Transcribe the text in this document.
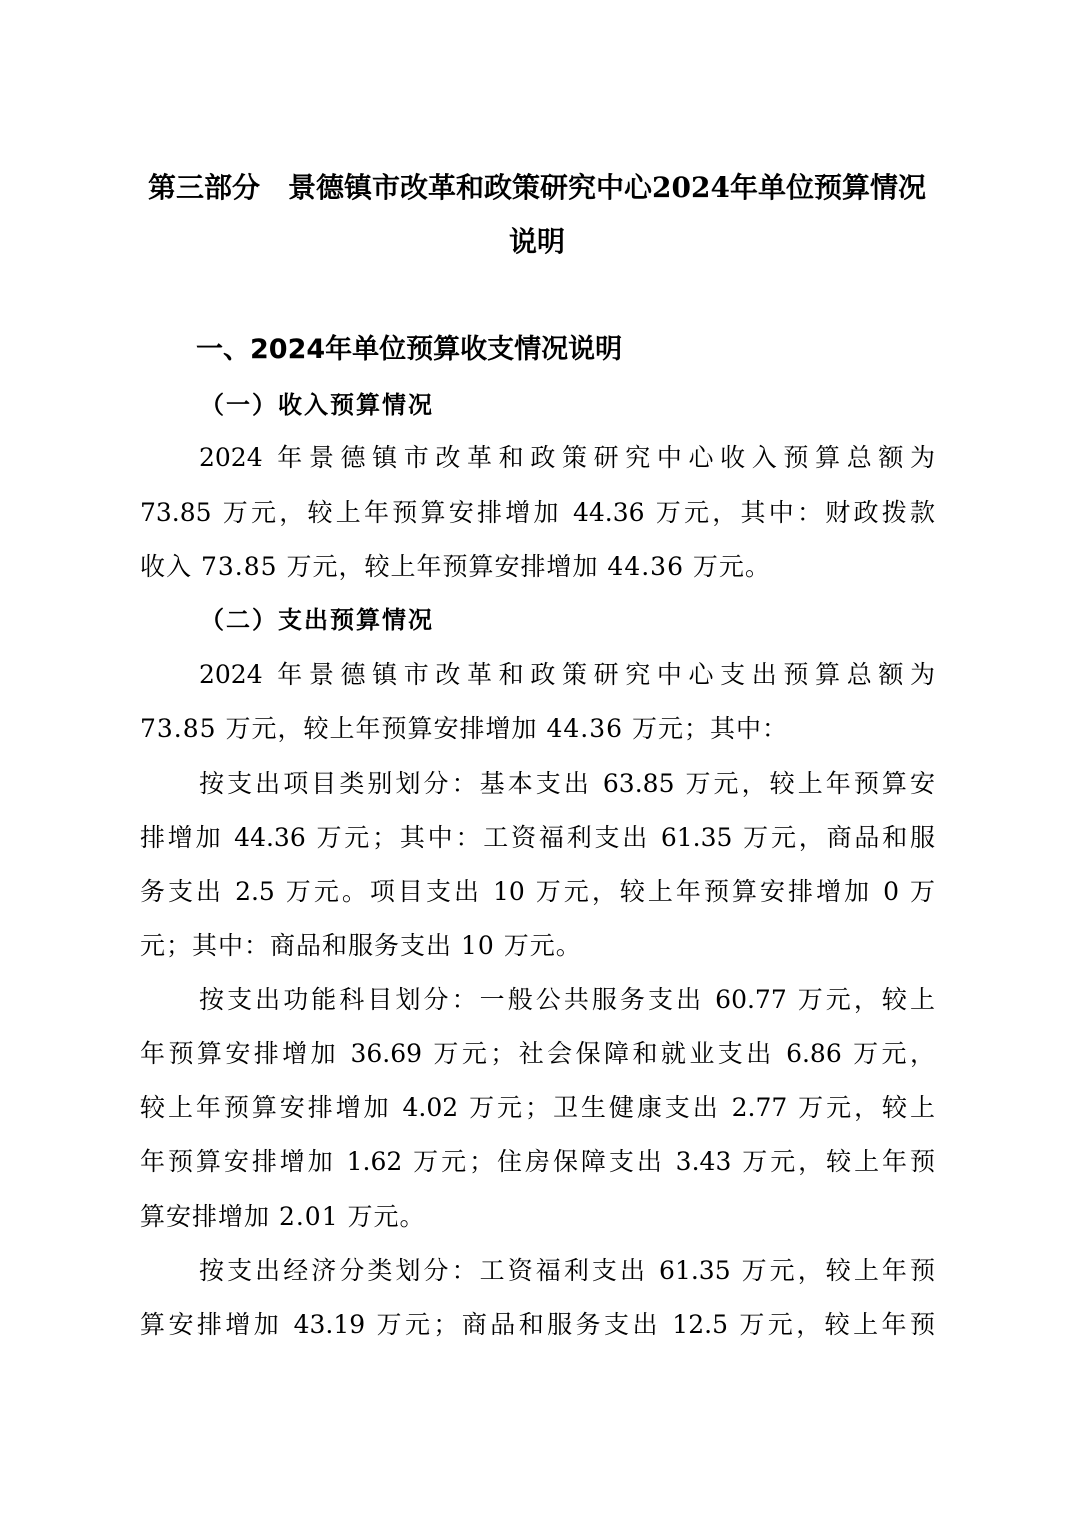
第三部分　景德镇市改革和政策研究中心2024年单位预算情况
说明
一、2024年单位预算收支情况说明
（一）收入预算情况
2024 年景德镇市改革和政策研究中心收入预算总额为
73.85 万元，较上年预算安排增加 44.36 万元，其中：财政拨款
收入 73.85 万元，较上年预算安排增加 44.36 万元。
（二）支出预算情况
2024 年景德镇市改革和政策研究中心支出预算总额为
73.85 万元，较上年预算安排增加 44.36 万元；其中：
按支出项目类别划分：基本支出 63.85 万元，较上年预算安
排增加 44.36 万元；其中：工资福利支出 61.35 万元，商品和服
务支出 2.5 万元。项目支出 10 万元，较上年预算安排增加 0 万
元；其中：商品和服务支出 10 万元。
按支出功能科目划分：一般公共服务支出 60.77 万元，较上
年预算安排增加 36.69 万元；社会保障和就业支出 6.86 万元，
较上年预算安排增加 4.02 万元；卫生健康支出 2.77 万元，较上
年预算安排增加 1.62 万元；住房保障支出 3.43 万元，较上年预
算安排增加 2.01 万元。
按支出经济分类划分：工资福利支出 61.35 万元，较上年预
算安排增加 43.19 万元；商品和服务支出 12.5 万元，较上年预
